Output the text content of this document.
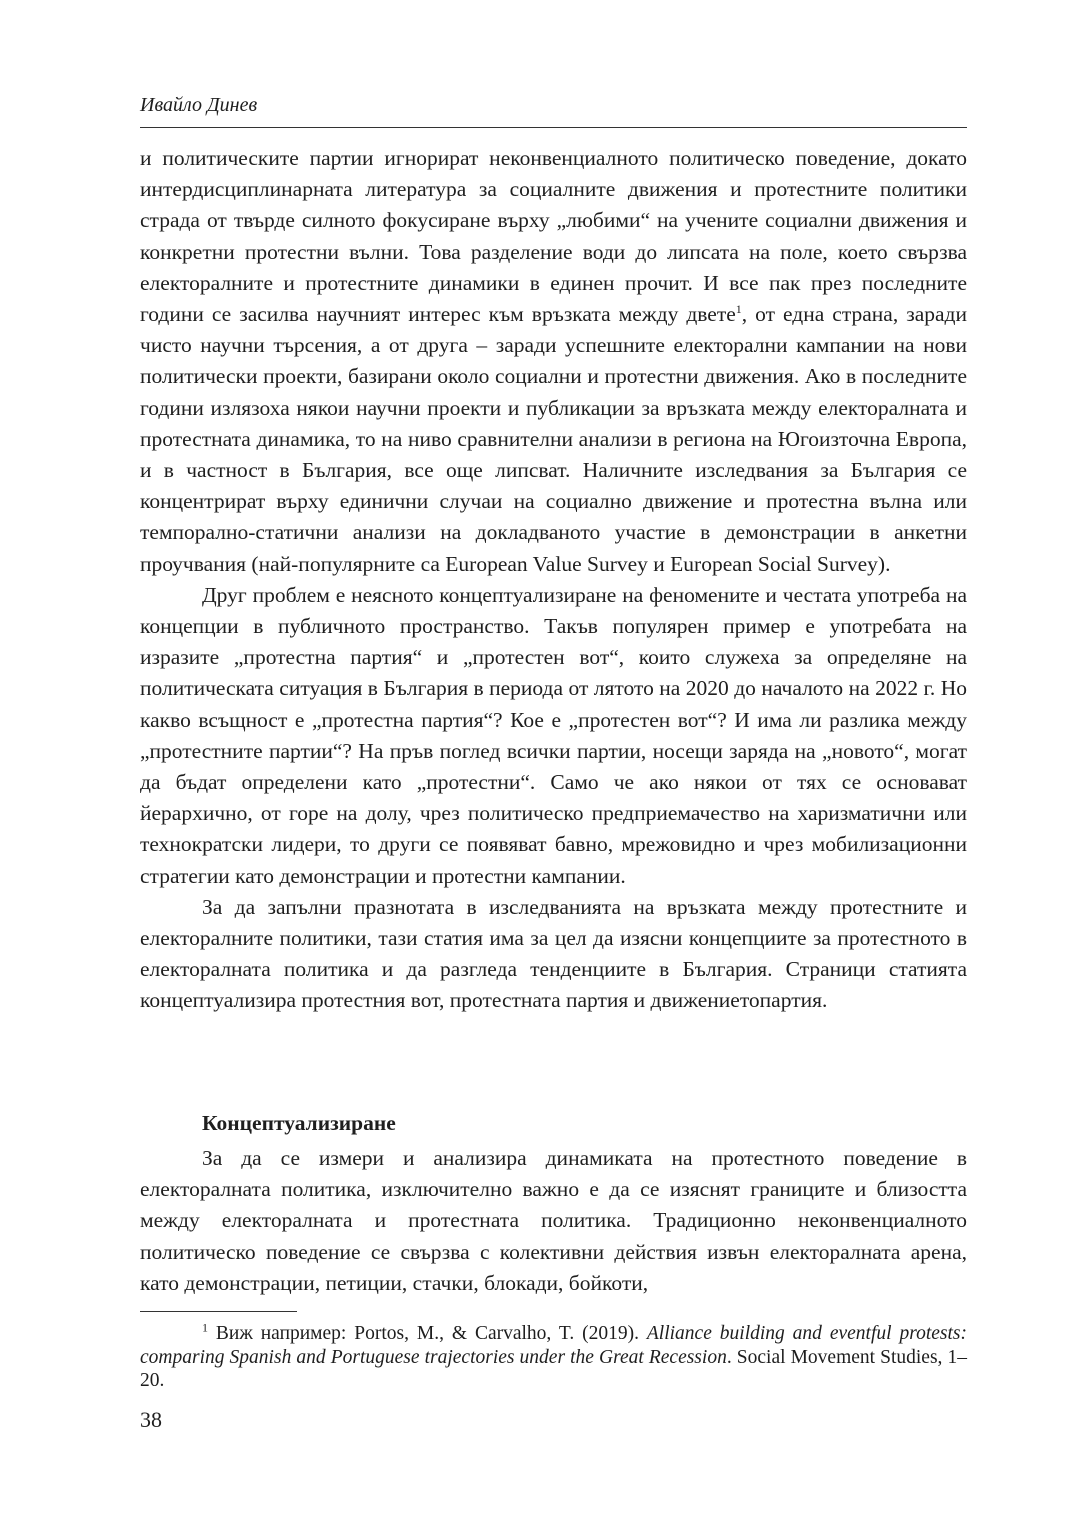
Ивайло Динев

и политическите партии игнорират неконвенциалното политическо поведение, докато интердисциплинарната литература за социалните движения и протестните политики страда от твърде силното фокусиране върху „любими“ на учените социални движения и конкретни протестни вълни. Това разделение води до липсата на поле, което свързва електоралните и протестните динамики в единен прочит. И все пак през последните години се засилва научният интерес към връзката между двете$^1$, от една страна, заради чисто научни търсения, а от друга – заради успешните електорални кампании на нови политически проекти, базирани около социални и протестни движения. Ако в последните години излязоха някои научни проекти и публикации за връзката между електоралната и протестната динамика, то на ниво сравнителни анализи в региона на Югоизточна Европа, и в частност в България, все още липсват. Наличните изследвания за България се концентрират върху единични случаи на социално движение и протестна вълна или темпорално-статични анализи на докладваното участие в демонстрации в анкетни проучвания (най-популярните са European Value Survey и European Social Survey).

Друг проблем е неясното концептуализиране на феномените и честата употреба на концепции в публичното пространство. Такъв популярен пример е употребата на изразите „протестна партия“ и „протестен вот“, които служеха за определяне на политическата ситуация в България в периода от лятото на 2020 до началото на 2022 г. Но какво всъщност е „протестна партия“? Кое е „протестен вот“? И има ли разлика между „протестните партии“? На пръв поглед всички партии, носещи заряда на „новото“, могат да бъдат определени като „протестни“. Само че ако някои от тях се основават йерархично, от горе на долу, чрез политическо предприемачество на харизматични или технократски лидери, то други се появяват бавно, мрежовидно и чрез мобилизационни стратегии като демонстрации и протестни кампании.

За да запълни празнотата в изследванията на връзката между протестните и електоралните политики, тази статия има за цел да изясни концепциите за протестното в електоралната политика и да разгледа тенденциите в България. Страници статията концептуализира протестния вот, протестната партия и движениетопартия.

Концептуализиране

За да се измери и анализира динамиката на протестното поведение в електоралната политика, изключително важно е да се изяснят границите и близостта между електоралната и протестната политика. Традиционно неконвенциалното политическо поведение се свързва с колективни действия извън електоралната арена, като демонстрации, петиции, стачки, блокади, бойкоти,

$^1$ Виж например: Portos, M., & Carvalho, T. (2019). Alliance building and eventful protests: comparing Spanish and Portuguese trajectories under the Great Recession. Social Movement Studies, 1–20.

38
